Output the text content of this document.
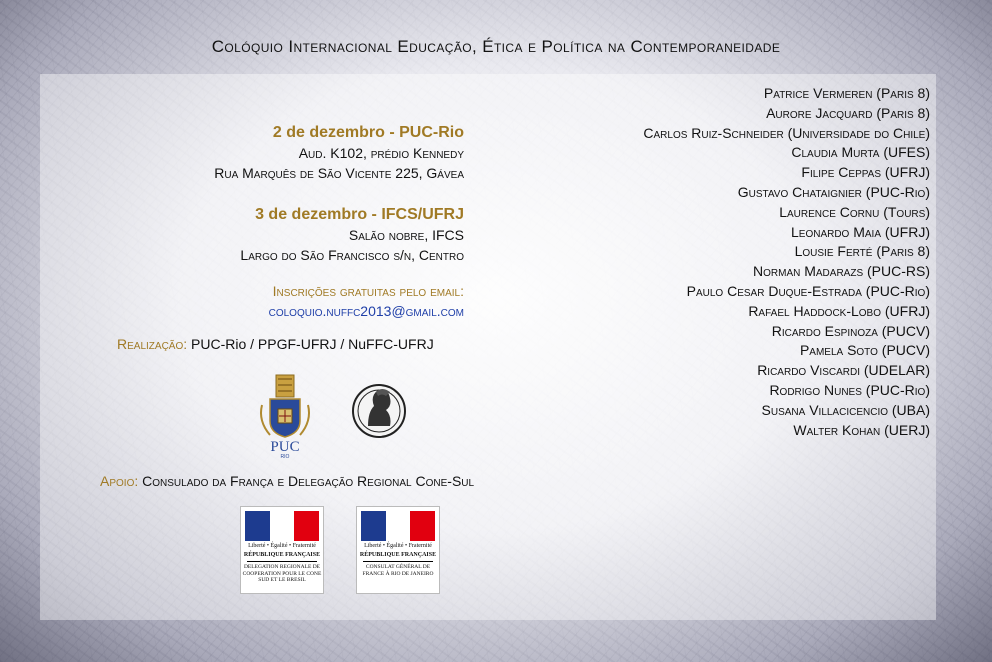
Colóquio Internacional Educação, Ética e Política na Contemporaneidade
2 de dezembro - PUC-Rio
Aud. K102, prédio Kennedy
Rua Marquês de São Vicente 225, Gávea
3 de dezembro - IFCS/UFRJ
Salão nobre, IFCS
Largo do São Francisco s/n, Centro
Inscrições gratuitas pelo email:
coloquio.nuffc2013@gmail.com
Realização: PUC-Rio / PPGF-UFRJ / NuFFC-UFRJ
PUC
RIO
Apoio: Consulado da França e Delegação Regional Cone-Sul
Liberté • Égalité • Fraternité
RÉPUBLIQUE FRANÇAISE
DELEGATION REGIONALE DE COOPERATION POUR LE CONE SUD ET LE BRESIL
Liberté • Égalité • Fraternité
RÉPUBLIQUE FRANÇAISE
CONSULAT GÉNÉRAL DE FRANCE À RIO DE JANEIRO
Patrice Vermeren (Paris 8)
Aurore Jacquard (Paris 8)
Carlos Ruiz-Schneider (Universidade do Chile)
Claudia Murta (UFES)
Filipe Ceppas (UFRJ)
Gustavo Chataignier (PUC-Rio)
Laurence Cornu (Tours)
Leonardo Maia (UFRJ)
Lousie Ferté (Paris 8)
Norman Madarazs (PUC-RS)
Paulo Cesar Duque-Estrada (PUC-Rio)
Rafael Haddock-Lobo (UFRJ)
Ricardo Espinoza (PUCV)
Pamela Soto (PUCV)
Ricardo Viscardi (UDELAR)
Rodrigo Nunes (PUC-Rio)
Susana Villacicencio (UBA)
Walter Kohan (UERJ)
